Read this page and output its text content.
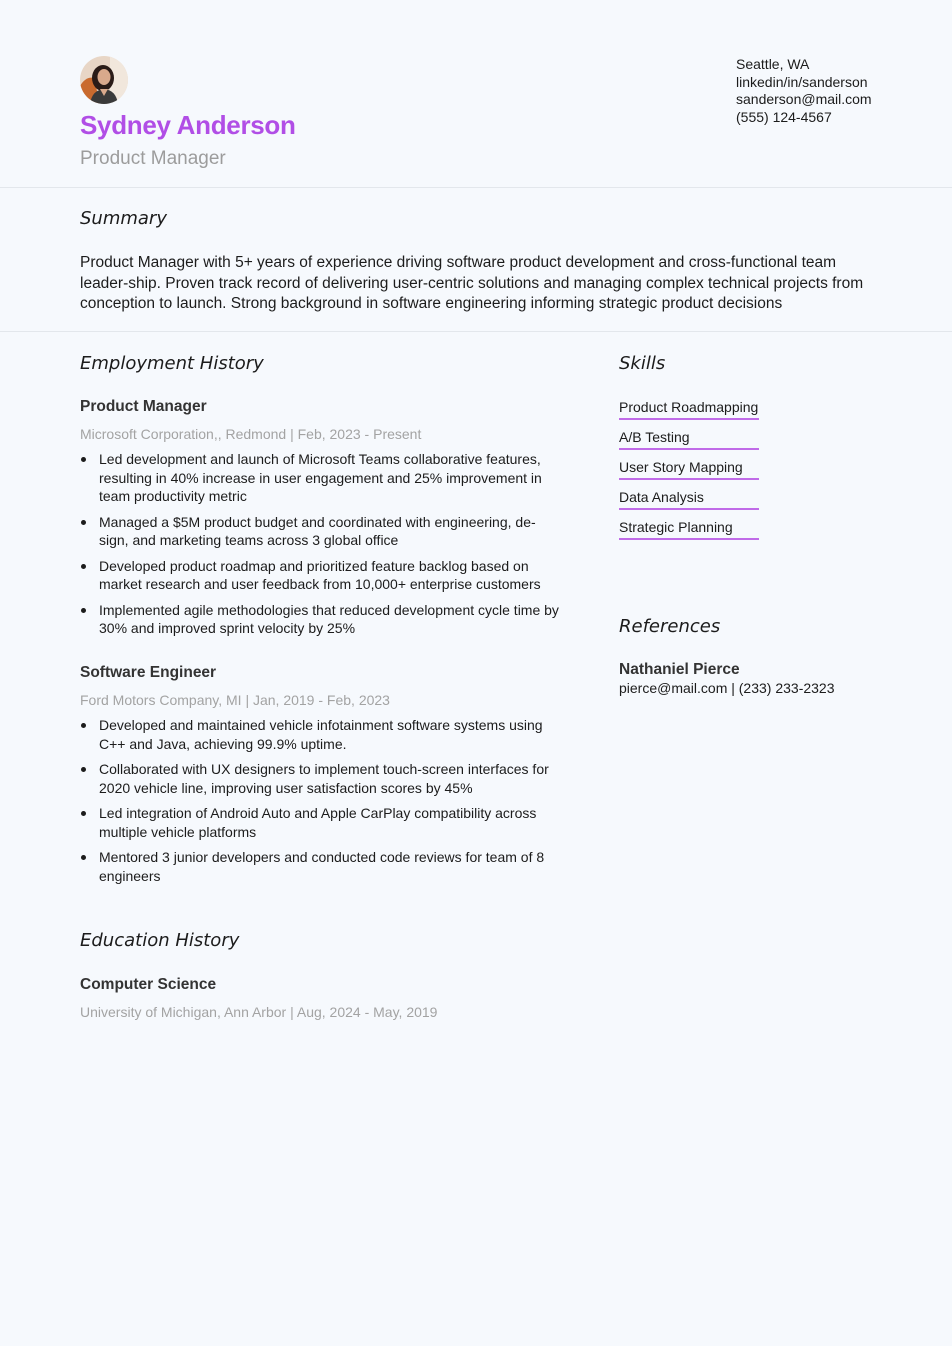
Sydney Anderson
Product Manager
Seattle, WA
linkedin/in/sanderson
sanderson@mail.com
(555) 124-4567
Summary
Product Manager with 5+ years of experience driving software product development and cross-functional team leader-ship. Proven track record of delivering user-centric solutions and managing complex technical projects from conception to launch. Strong background in software engineering informing strategic product decisions
Employment History
Product Manager
Microsoft Corporation,, Redmond | Feb, 2023 - Present
Led development and launch of Microsoft Teams collaborative features, resulting in 40% increase in user engagement and 25% improvement in team productivity metric
Managed a $5M product budget and coordinated with engineering, de-sign, and marketing teams across 3 global office
Developed product roadmap and prioritized feature backlog based on market research and user feedback from 10,000+ enterprise customers
Implemented agile methodologies that reduced development cycle time by 30% and improved sprint velocity by 25%
Software Engineer
Ford Motors Company, MI | Jan, 2019 - Feb, 2023
Developed and maintained vehicle infotainment software systems using C++ and Java, achieving 99.9% uptime.
Collaborated with UX designers to implement touch-screen interfaces for 2020 vehicle line, improving user satisfaction scores by 45%
Led integration of Android Auto and Apple CarPlay compatibility across multiple vehicle platforms
Mentored 3 junior developers and conducted code reviews for team of 8 engineers
Education History
Computer Science
University of Michigan, Ann Arbor | Aug, 2024 - May, 2019
Skills
Product Roadmapping
A/B Testing
User Story Mapping
Data Analysis
Strategic Planning
References
Nathaniel Pierce
pierce@mail.com | (233) 233-2323
